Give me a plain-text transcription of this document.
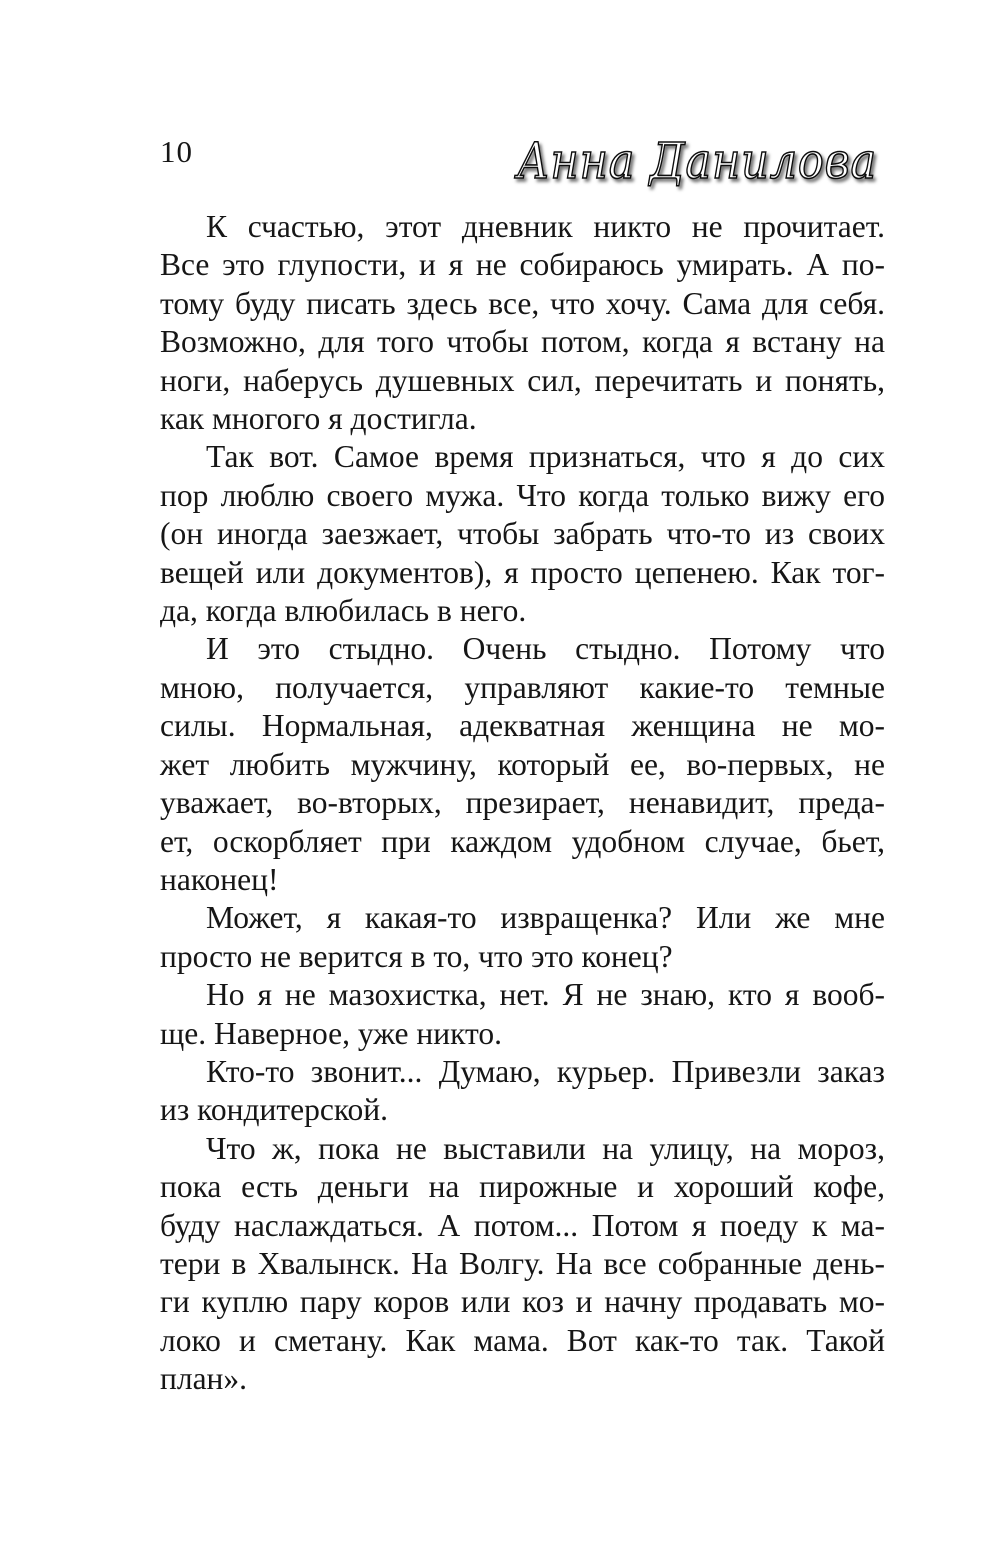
10	Анна Данилова

К счастью, этот дневник никто не прочитает.
Все это глупости, и я не собираюсь умирать. А по-
тому буду писать здесь все, что хочу. Сама для себя.
Возможно, для того чтобы потом, когда я встану на
ноги, наберусь душевных сил, перечитать и понять,
как многого я достигла.

Так вот. Самое время признаться, что я до сих
пор люблю своего мужа. Что когда только вижу его
(он иногда заезжает, чтобы забрать что-то из своих
вещей или документов), я просто цепенею. Как тог-
да, когда влюбилась в него.

И это стыдно. Очень стыдно. Потому что
мною, получается, управляют какие-то темные
силы. Нормальная, адекватная женщина не мо-
жет любить мужчину, который ее, во-первых, не
уважает, во-вторых, презирает, ненавидит, преда-
ет, оскорбляет при каждом удобном случае, бьет,
наконец!

Может, я какая-то извращенка? Или же мне
просто не верится в то, что это конец?

Но я не мазохистка, нет. Я не знаю, кто я вооб-
ще. Наверное, уже никто.

Кто-то звонит... Думаю, курьер. Привезли заказ
из кондитерской.

Что ж, пока не выставили на улицу, на мороз,
пока есть деньги на пирожные и хороший кофе,
буду наслаждаться. А потом... Потом я поеду к ма-
тери в Хвалынск. На Волгу. На все собранные день-
ги куплю пару коров или коз и начну продавать мо-
локо и сметану. Как мама. Вот как-то так. Такой
план».
